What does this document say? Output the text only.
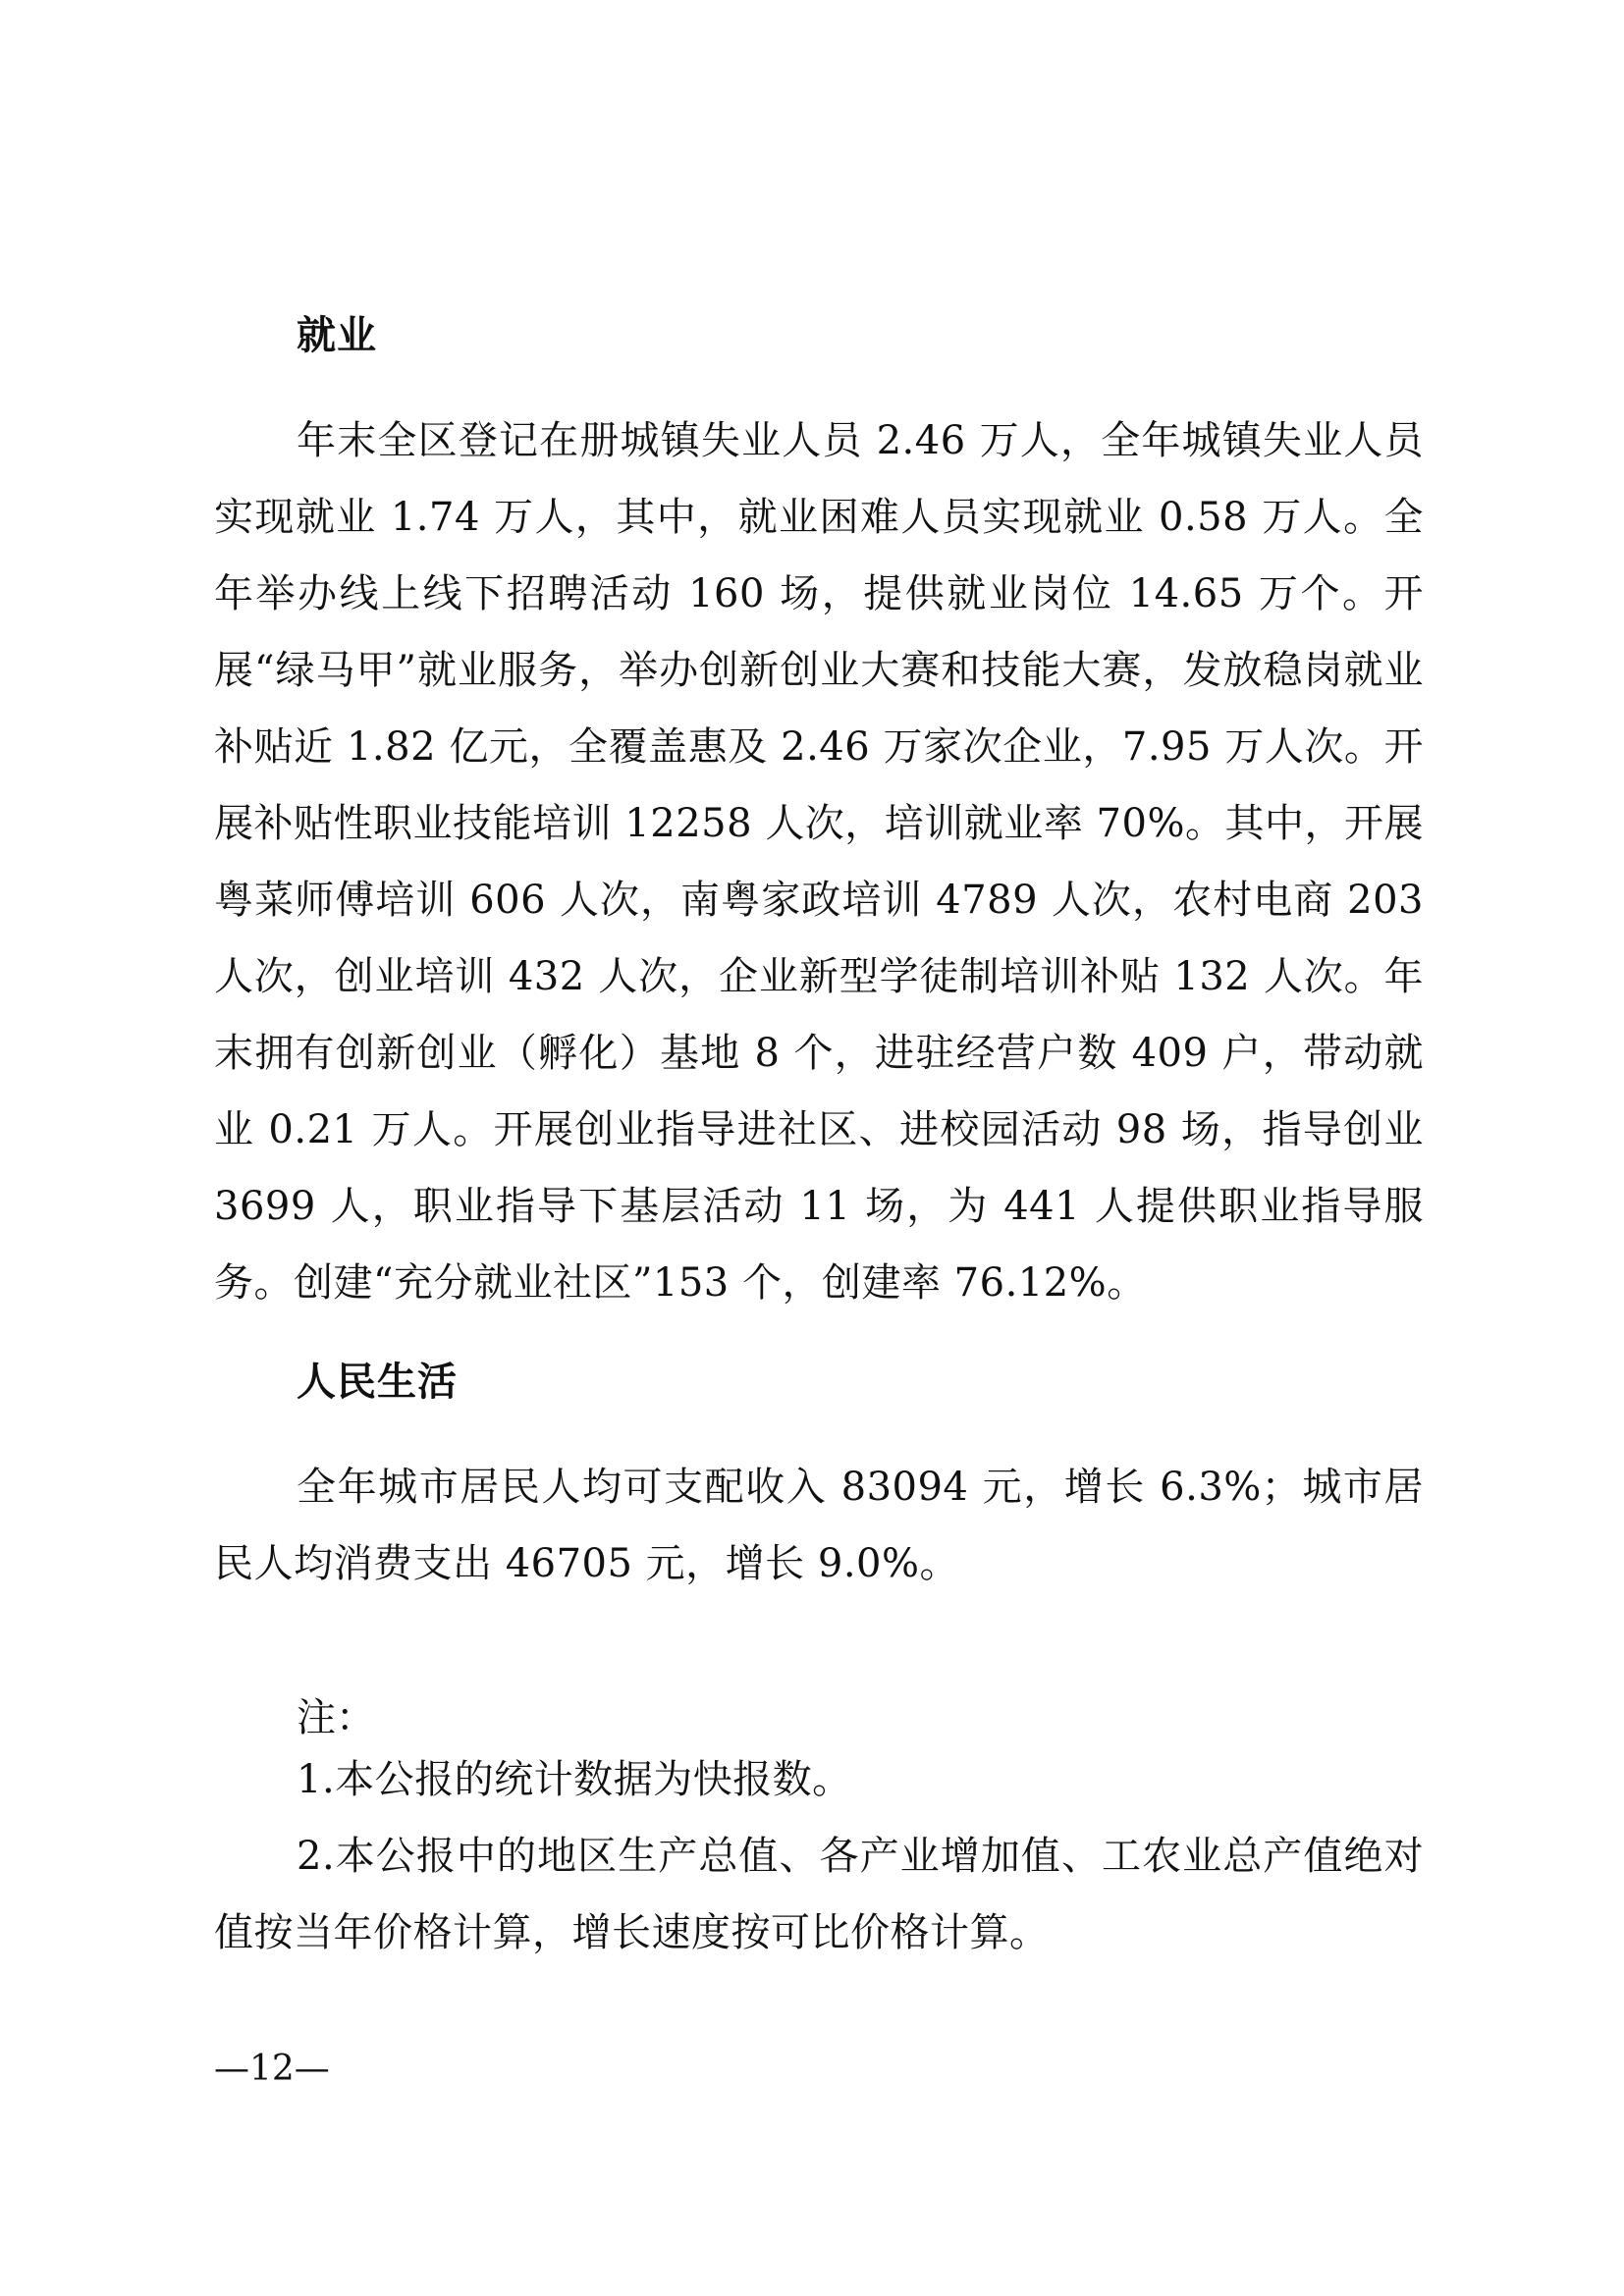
就业

年末全区登记在册城镇失业人员 2.46 万人，全年城镇失业人员实现就业 1.74 万人，其中，就业困难人员实现就业 0.58 万人。全年举办线上线下招聘活动 160 场，提供就业岗位 14.65 万个。开展“绿马甲”就业服务，举办创新创业大赛和技能大赛，发放稳岗就业补贴近 1.82 亿元，全覆盖惠及 2.46 万家次企业，7.95 万人次。开展补贴性职业技能培训 12258 人次，培训就业率 70%。其中，开展粤菜师傅培训 606 人次，南粤家政培训 4789 人次，农村电商 203 人次，创业培训 432 人次，企业新型学徒制培训补贴 132 人次。年末拥有创新创业（孵化）基地 8 个，进驻经营户数 409 户，带动就业 0.21 万人。开展创业指导进社区、进校园活动 98 场，指导创业 3699 人，职业指导下基层活动 11 场，为 441 人提供职业指导服务。创建“充分就业社区”153 个，创建率 76.12%。

人民生活

全年城市居民人均可支配收入 83094 元，增长 6.3%；城市居民人均消费支出 46705 元，增长 9.0%。

注：

1.本公报的统计数据为快报数。

2.本公报中的地区生产总值、各产业增加值、工农业总产值绝对值按当年价格计算，增长速度按可比价格计算。

—12—
